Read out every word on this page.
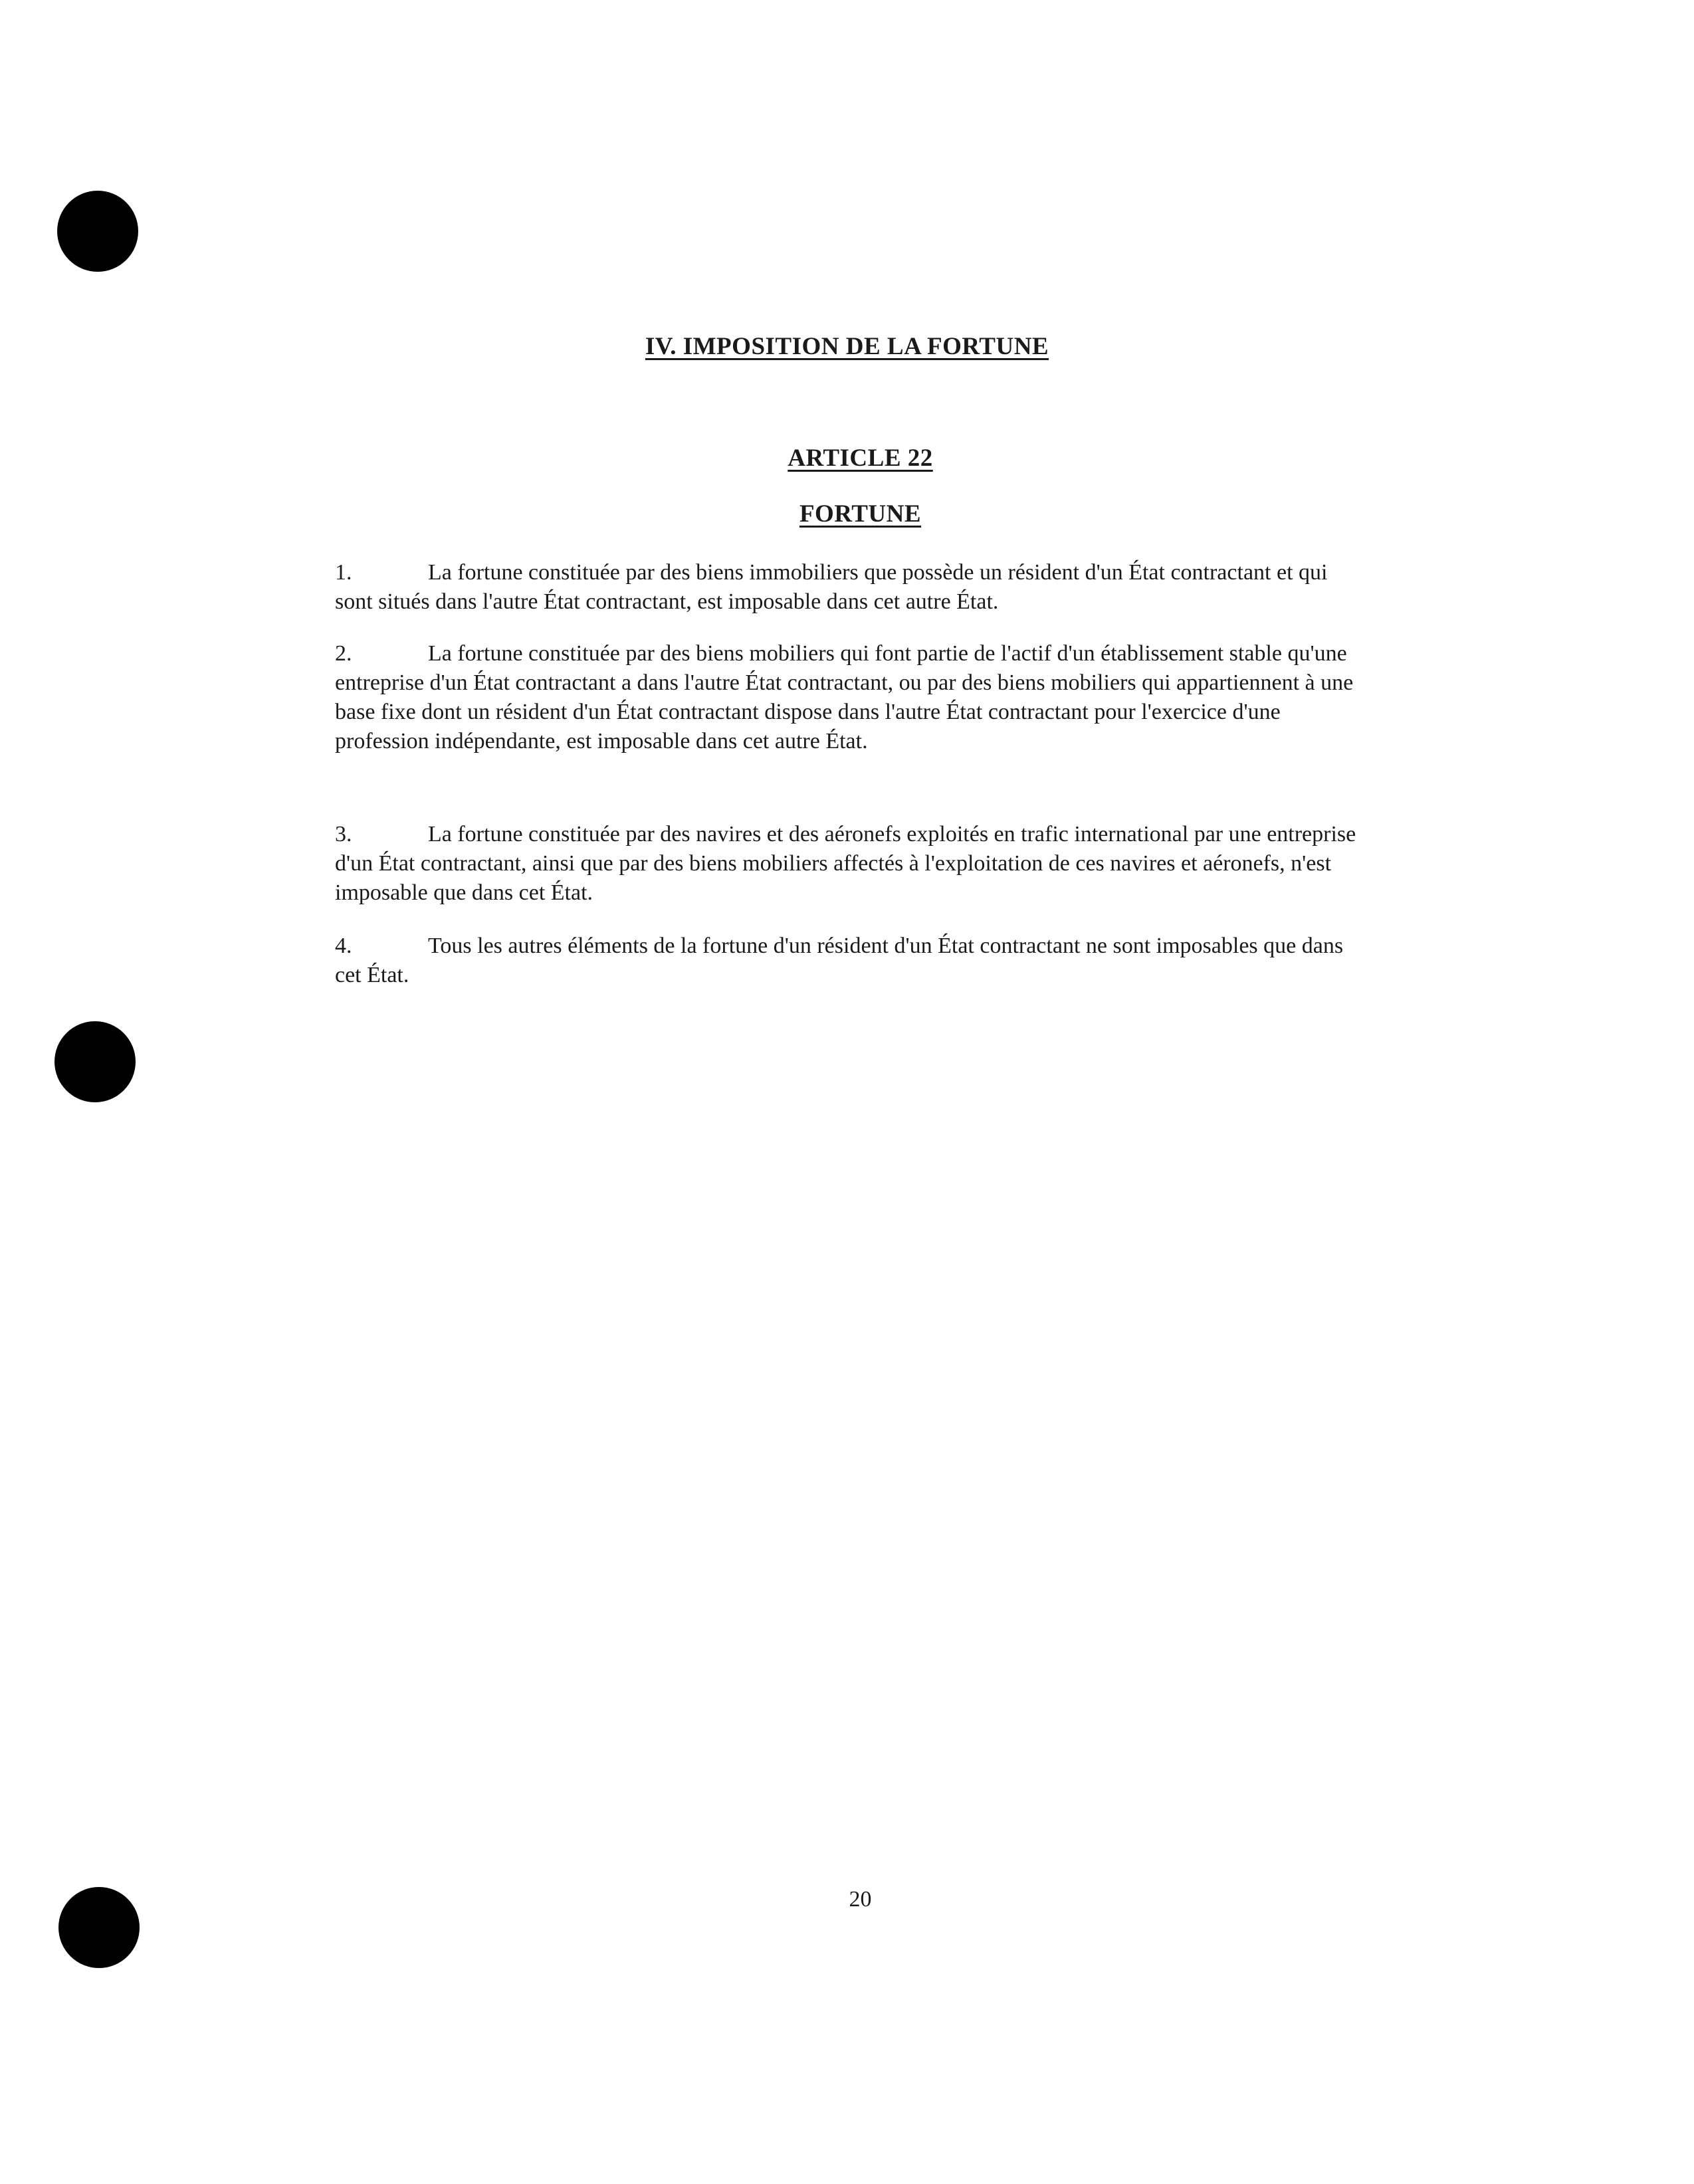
IV. IMPOSITION DE LA FORTUNE
ARTICLE 22
FORTUNE

1.	La fortune constituée par des biens immobiliers que possède un résident d'un État contractant et qui sont situés dans l'autre État contractant, est imposable dans cet autre État.

2.	La fortune constituée par des biens mobiliers qui font partie de l'actif d'un établissement stable qu'une entreprise d'un État contractant a dans l'autre État contractant, ou par des biens mobiliers qui appartiennent à une base fixe dont un résident d'un État contractant dispose dans l'autre État contractant pour l'exercice d'une profession indépendante, est imposable dans cet autre État.

3.	La fortune constituée par des navires et des aéronefs exploités en trafic international par une entreprise d'un État contractant, ainsi que par des biens mobiliers affectés à l'exploitation de ces navires et aéronefs, n'est imposable que dans cet État.

4.	Tous les autres éléments de la fortune d'un résident d'un État contractant ne sont imposables que dans cet État.

20
